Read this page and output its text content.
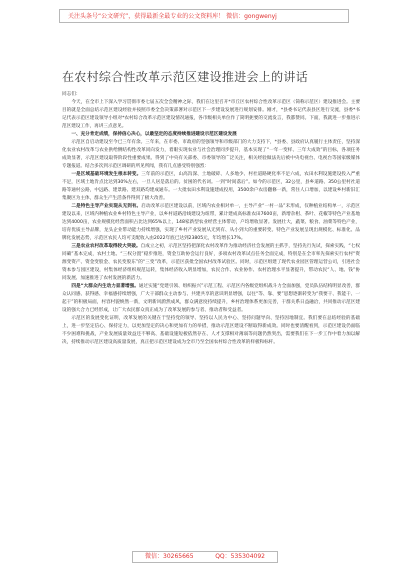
关注头条号“公文研究”，获得最新全最专业的公文资料库！ 微信：gongwenyj
在农村综合性改革示范区建设推进会上的讲话

同志们：

今天，在全市上下深入学习贯彻市委七届五次全会精神之际，我们在这里召开*市丘区农村综合性改革示范区（简称示范区）建设推进会。主要目的就是全面总结示范区建设经验并按照市委全会决策部署对示范区下一步建设发展进行规划安排。刚才，*县委书记代表县区进行交流，县委*书记代表示范区建设领导小组对*农村综合改革示范区建设情况通报，各市级相关单位作了简明扼要的交流发言，我都赞同。下面，我就进一步推进示范区建设工作，再讲三点意见。

一、充分肯定成绩，保持信心决心，以最坚定的态度持续推进建设示范区建设发展

示范区自启动建设至今已三年有余。三年来，在市委、市政府的坚强领导和市级部门的大力支持下，*县委、县政府认真履行主体责任，坚持深化农业农村改革与农业供给侧结构性改革同向发力，着眼实现农业与社会治理同步提升，基本实现了“一年一变样、三年大成效”的目标，各项任务成效显著，示范区建设取得阶段性重要成果。得到了中央有关部委、市委领导的广泛关注，相关经验做法先后被中央电视台、电视台等国家级媒体专题报道。结合多次到示范区调研的所见所闻，我有几点感受特别强烈：

一是区域基础环境发生根本转变。三年前的示范区，山高沟深、土地破碎、人多地少、村社道路硬化率不足六成，农田水利设施建设投入严重不足，区域土地肯点比达到30%左右，一旦人居是落后的。贫困的代名词。一到“时间落后”。如今的示范区，32公里，县乡道路、350公里村社道路等通村公路，中远路、建景路、建双路均建成通车。一大批农田水利设施建成投用，3500余户农房翻修一新，常住人口增加，以建设乡村新旧汇集聚区为主体，群众生产生活条件得到了极大改善。

二是特色主导产业实现从无到有。启动改革示范区建设以前，区域内农业相对单一，主导产业“一村一品”未形成，仅种植业结构单一，示范区建设以来，区域内种植农业乡村特色主导产业，以乡村道路沿线建设为纽带，累计建成高标准农田7600亩，新增杂柑、茶叶、花椒等特色产业基地达到4000亩，农业规模化经营面积占比达到65%以上，148家新型农业经营主体带动，户均增收显著。发展壮大，蔬菜、粮食、油菜等特色产业，培育优质主导品牌，龙头企业带动能力持续增强，实现了乡村产业发展从无到有、从小到大的重要转变。特色产业发展呈现出规模化、标准化、品牌化发展态势，示范区农民人均可支配收入由2022年底已达到23805元，年均增长17%。

三是农业农村改革取得较大突破。自成立之初，示范区坚持把深化农村改革作为推动经济社会发展的主抓手，坚持先行先试，探索实践，“七权同确”基本完成，农村土地、“三权分置”稳步推进，资金互助协会运行良好，多项农村改革试点任务全面完成，特别是在全市率先探索实行农村“资源变资产、资金变股金、农民变股东”的“三变”改革，示范区获批全国农村改革试验区。同时，示范区组建了现代农业园区管理运营公司，引进社会资本参与园区建设，村集体经济组织规范运转，集体经济收入明显增加，农民合作、农业协作、农村治理水平显著提升，带动农民“人、地、钱”协同发展、加速推进了农村发展的新活力。

四是“大群众内生动力显著增强。通过实施“党建引领、组织振兴”示范工程、示范区内各级党组织战斗力全面加强，党员队伍结构明显改善，群众认同感、获得感、幸福感持续增强，广大干部群众主动参与、共建共享的意识明显增强，以往“等、靠、要”思想逐渐转变为“我要干、我能干、一起干”的积极局面，村容村貌焕然一新，文明新风蔚然成风，群众满意度持续提升，乡村治理体系更加完善，干群关系日益融洽，共同推动示范区建设的强大合力已经形成，让广大农民群众真正成为了改革发展的参与者、推动者和受益者。

示范区的发展变化证明，改革发展的关键在于坚持党的领导、坚持以人民为中心、坚持问题导向、坚持因地制宜。我们要在总结经验的基础上，进一步坚定信心、保持定力，以更加坚定的决心和更加有力的举措，推动示范区建设不断取得新成效。同时也要清醒看到，示范区建设仍面临不少困难和挑战，产业发展质量效益还不够高、基础设施短板依然存在、人才支撑相对薄弱等问题仍然突出，需要我们在下一步工作中着力加以解决，持续推动示范区建设高质量发展，真正把示范区建设成为全市乃至全国农村综合性改革的样板和标杆。

微信：30265665	QQ：535304092
